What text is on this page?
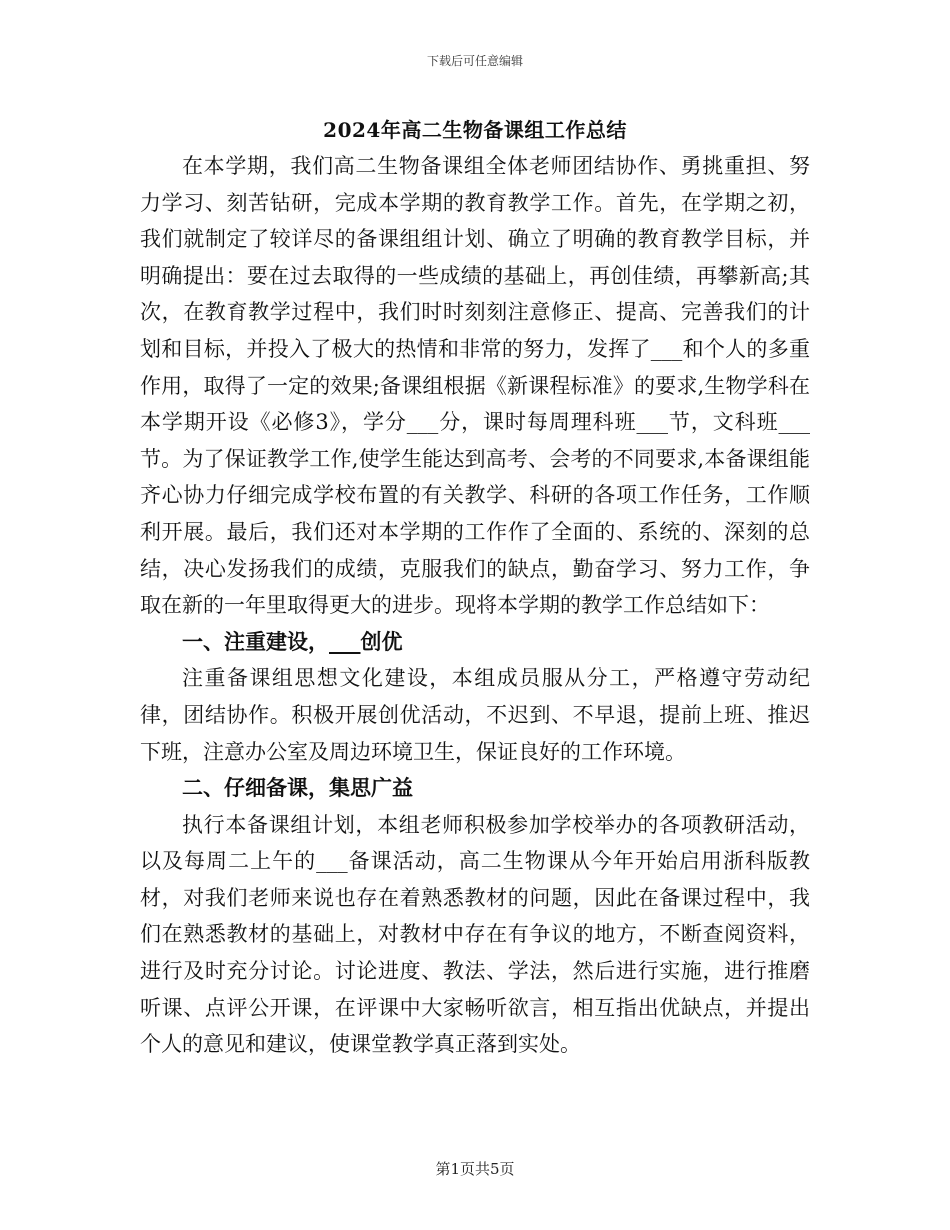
下载后可任意编辑
2024年高二生物备课组工作总结

在本学期，我们高二生物备课组全体老师团结协作、勇挑重担、努力学习、刻苦钻研，完成本学期的教育教学工作。首先，在学期之初，我们就制定了较详尽的备课组组计划、确立了明确的教育教学目标，并明确提出：要在过去取得的一些成绩的基础上，再创佳绩，再攀新高;其次，在教育教学过程中，我们时时刻刻注意修正、提高、完善我们的计划和目标，并投入了极大的热情和非常的努力，发挥了___和个人的多重作用，取得了一定的效果;备课组根据《新课程标准》的要求,生物学科在本学期开设《必修3》，学分___分，课时每周理科班___节，文科班___节。为了保证教学工作,使学生能达到高考、会考的不同要求,本备课组能齐心协力仔细完成学校布置的有关教学、科研的各项工作任务，工作顺利开展。最后，我们还对本学期的工作作了全面的、系统的、深刻的总结，决心发扬我们的成绩，克服我们的缺点，勤奋学习、努力工作，争取在新的一年里取得更大的进步。现将本学期的教学工作总结如下：

一、注重建设，___创优

注重备课组思想文化建设，本组成员服从分工，严格遵守劳动纪律，团结协作。积极开展创优活动，不迟到、不早退，提前上班、推迟下班，注意办公室及周边环境卫生，保证良好的工作环境。

二、仔细备课，集思广益

执行本备课组计划，本组老师积极参加学校举办的各项教研活动，以及每周二上午的___备课活动，高二生物课从今年开始启用浙科版教材，对我们老师来说也存在着熟悉教材的问题，因此在备课过程中，我们在熟悉教材的基础上，对教材中存在有争议的地方，不断查阅资料，进行及时充分讨论。讨论进度、教法、学法，然后进行实施，进行推磨听课、点评公开课，在评课中大家畅听欲言，相互指出优缺点，并提出个人的意见和建议，使课堂教学真正落到实处。

第1页共5页
